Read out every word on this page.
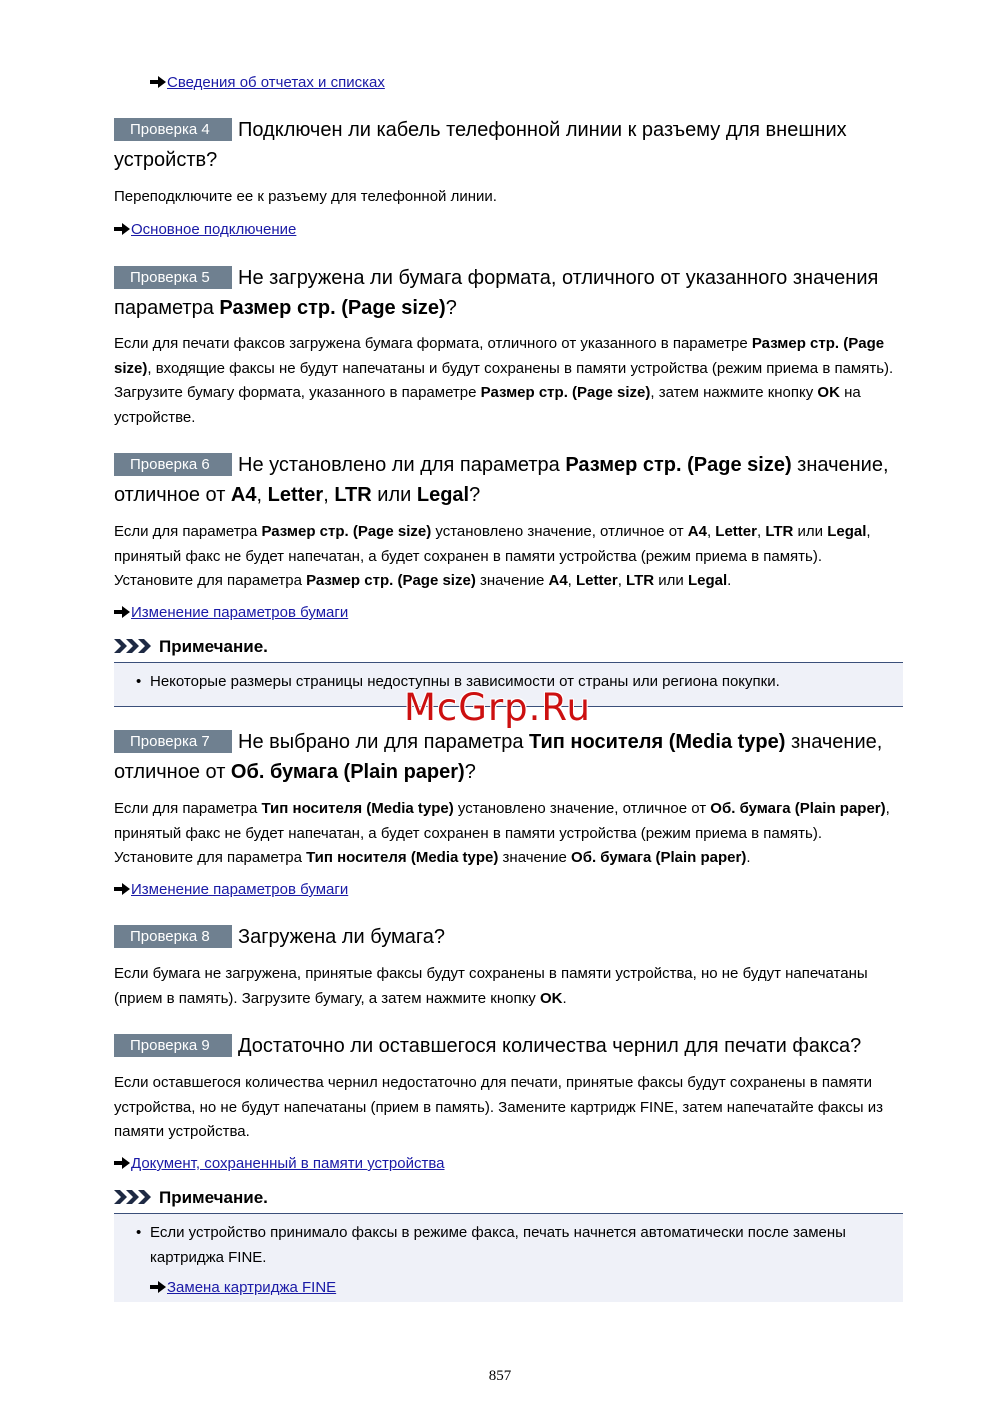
Сведения об отчетах и списках
Проверка 4 Подключен ли кабель телефонной линии к разъему для внешних устройств?
Переподключите ее к разъему для телефонной линии.
Основное подключение
Проверка 5 Не загружена ли бумага формата, отличного от указанного значения параметра Размер стр. (Page size)?
Если для печати факсов загружена бумага формата, отличного от указанного в параметре Размер стр. (Page size), входящие факсы не будут напечатаны и будут сохранены в памяти устройства (режим приема в память). Загрузите бумагу формата, указанного в параметре Размер стр. (Page size), затем нажмите кнопку OK на устройстве.
Проверка 6 Не установлено ли для параметра Размер стр. (Page size) значение, отличное от A4, Letter, LTR или Legal?
Если для параметра Размер стр. (Page size) установлено значение, отличное от A4, Letter, LTR или Legal, принятый факс не будет напечатан, а будет сохранен в памяти устройства (режим приема в память). Установите для параметра Размер стр. (Page size) значение A4, Letter, LTR или Legal.
Изменение параметров бумаги
Примечание.
• Некоторые размеры страницы недоступны в зависимости от страны или региона покупки.
Проверка 7 Не выбрано ли для параметра Тип носителя (Media type) значение, отличное от Об. бумага (Plain paper)?
Если для параметра Тип носителя (Media type) установлено значение, отличное от Об. бумага (Plain paper), принятый факс не будет напечатан, а будет сохранен в памяти устройства (режим приема в память). Установите для параметра Тип носителя (Media type) значение Об. бумага (Plain paper).
Изменение параметров бумаги
Проверка 8 Загружена ли бумага?
Если бумага не загружена, принятые факсы будут сохранены в памяти устройства, но не будут напечатаны (прием в память). Загрузите бумагу, а затем нажмите кнопку OK.
Проверка 9 Достаточно ли оставшегося количества чернил для печати факса?
Если оставшегося количества чернил недостаточно для печати, принятые факсы будут сохранены в памяти устройства, но не будут напечатаны (прием в память). Замените картридж FINE, затем напечатайте факсы из памяти устройства.
Документ, сохраненный в памяти устройства
Примечание.
• Если устройство принимало факсы в режиме факса, печать начнется автоматически после замены картриджа FINE.
Замена картриджа FINE
McGrp.Ru
857
